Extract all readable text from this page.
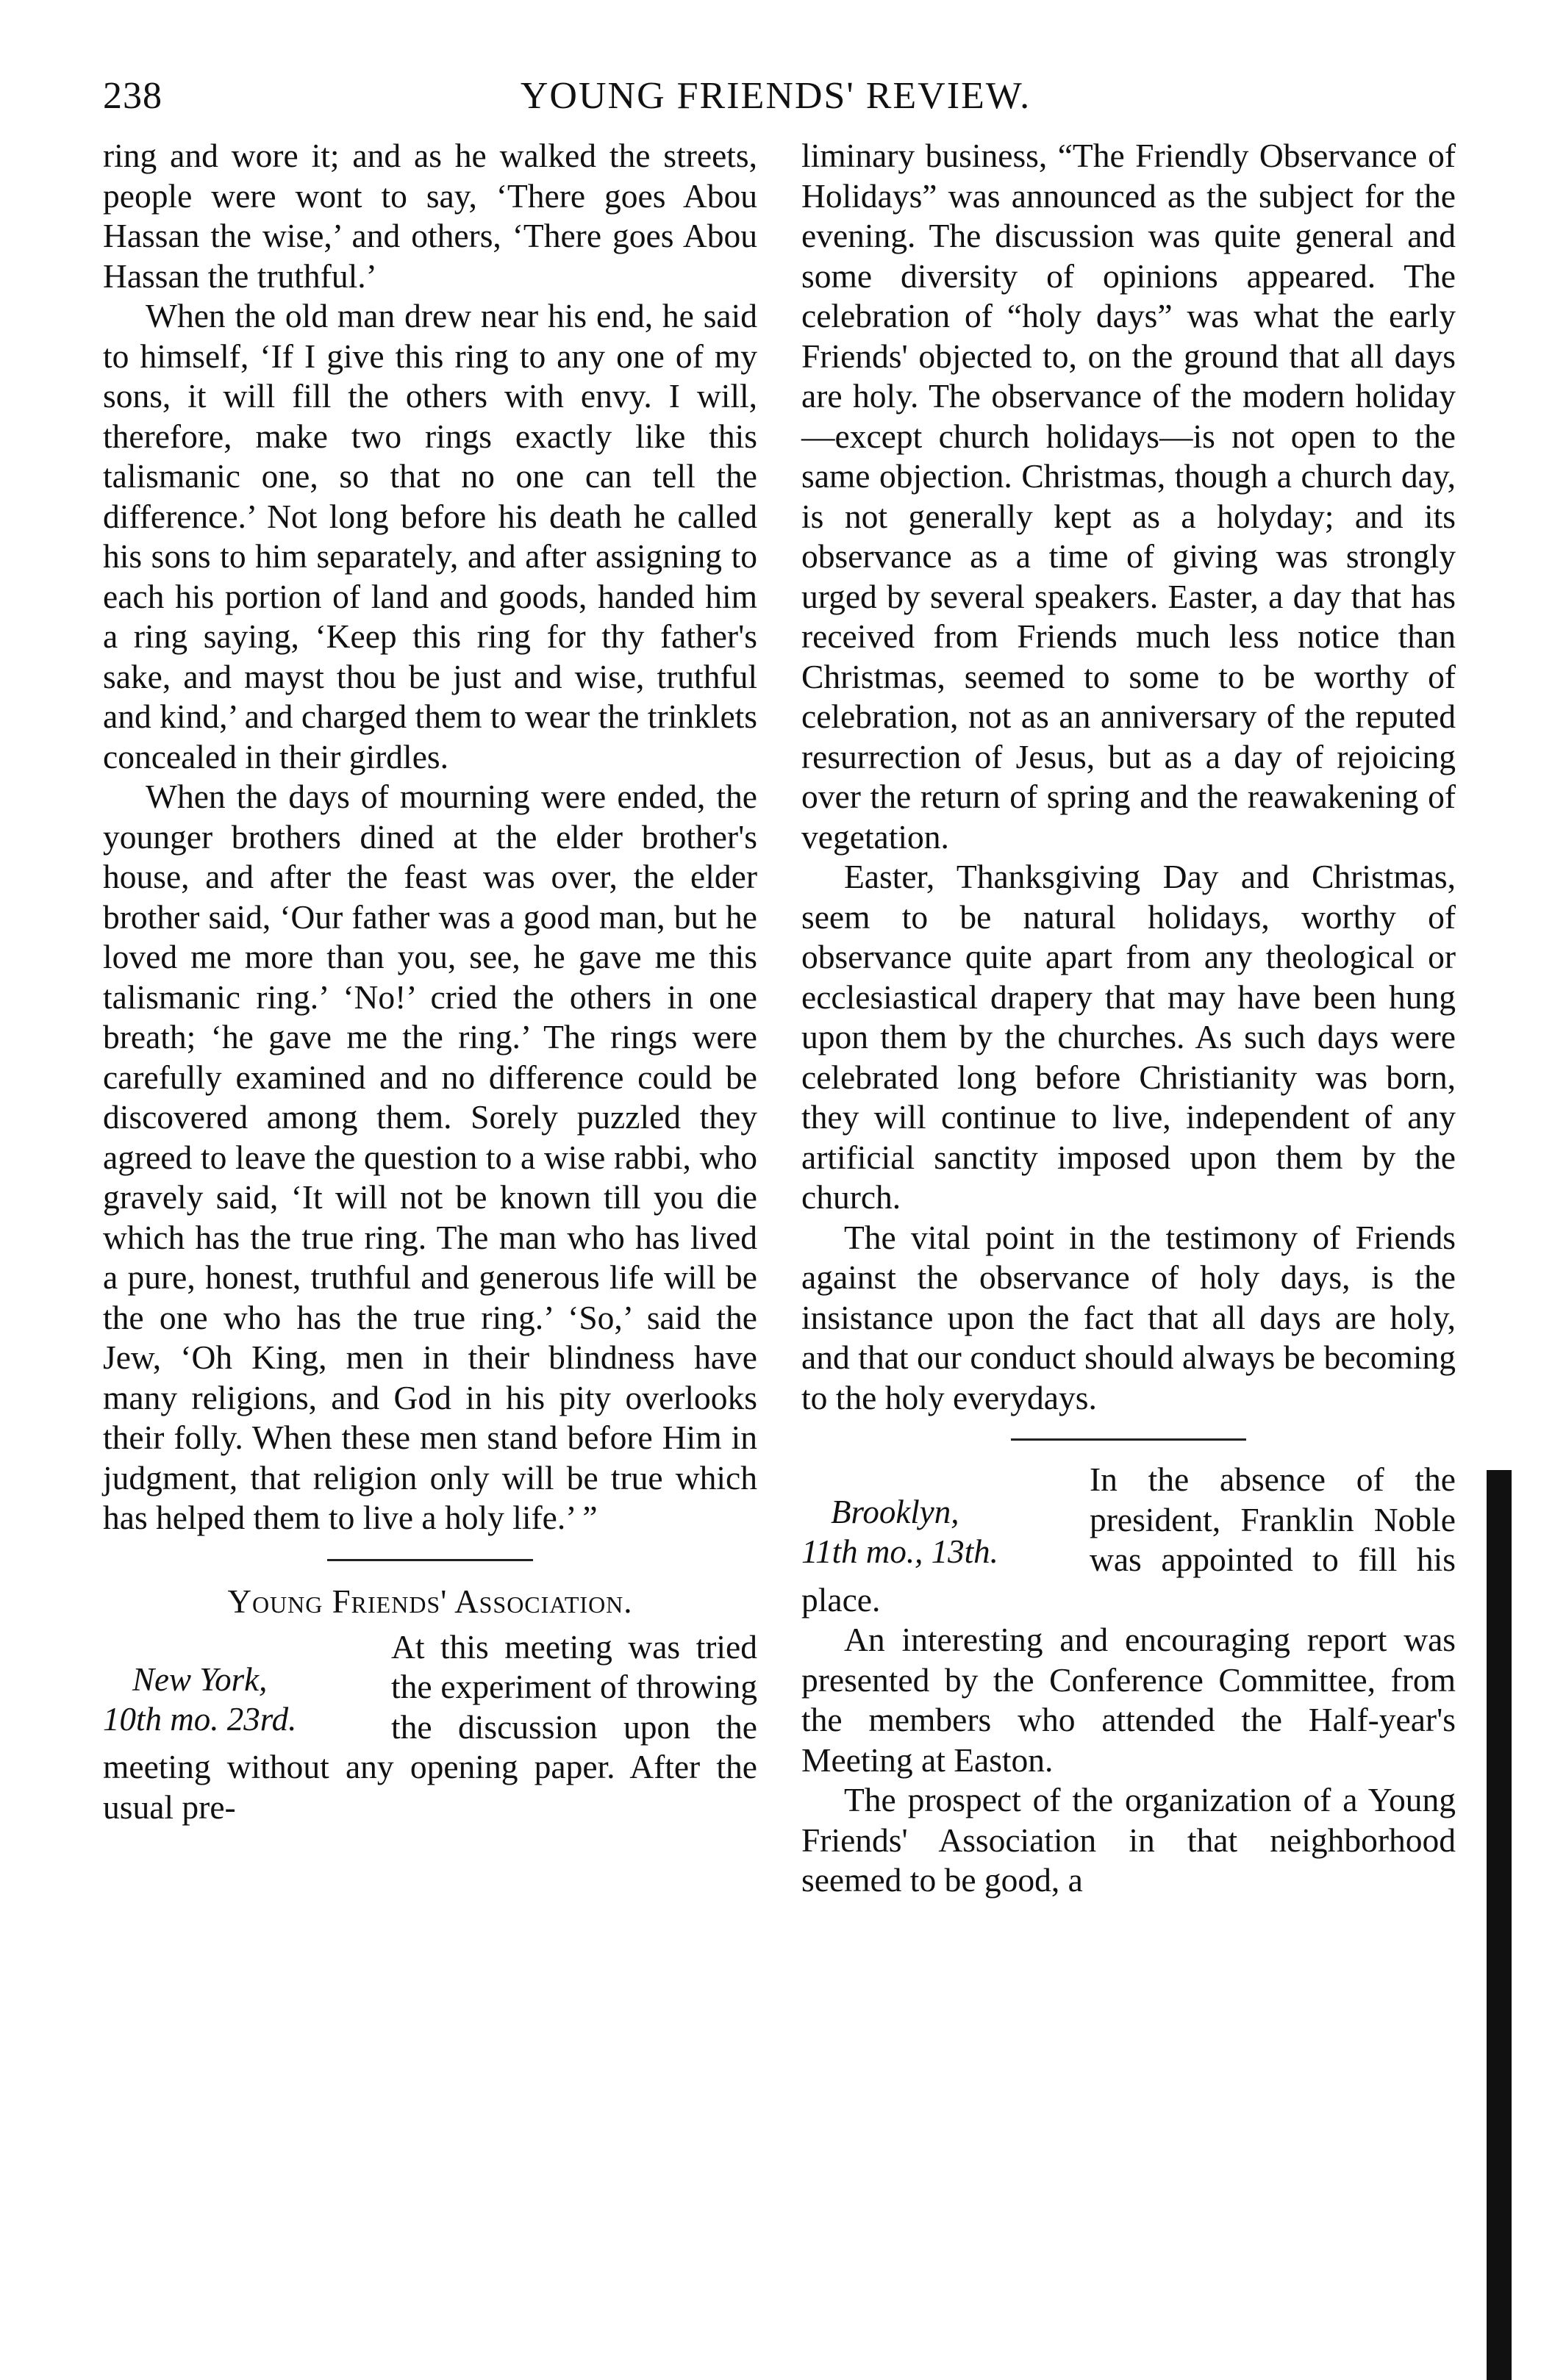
238	YOUNG FRIENDS' REVIEW.

ring and wore it; and as he walked the streets, people were wont to say, ‘There goes Abou Hassan the wise,’ and others, ‘There goes Abou Hassan the truthful.’

When the old man drew near his end, he said to himself, ‘If I give this ring to any one of my sons, it will fill the others with envy. I will, therefore, make two rings exactly like this talismanic one, so that no one can tell the difference.’ Not long before his death he called his sons to him separately, and after assigning to each his portion of land and goods, handed him a ring saying, ‘Keep this ring for thy father's sake, and mayst thou be just and wise, truthful and kind,’ and charged them to wear the trinklets concealed in their girdles.

When the days of mourning were ended, the younger brothers dined at the elder brother's house, and after the feast was over, the elder brother said, ‘Our father was a good man, but he loved me more than you, see, he gave me this talismanic ring.’ ‘No!’ cried the others in one breath; ‘he gave me the ring.’ The rings were carefully examined and no difference could be discovered among them. Sorely puzzled they agreed to leave the question to a wise rabbi, who gravely said, ‘It will not be known till you die which has the true ring. The man who has lived a pure, honest, truthful and generous life will be the one who has the true ring.’ ‘So,’ said the Jew, ‘Oh King, men in their blindness have many religions, and God in his pity overlooks their folly. When these men stand before Him in judgment, that religion only will be true which has helped them to live a holy life.’ ”

Young Friends' Association.
New York,
10th mo. 23rd.

At this meeting was tried the experiment of throwing the discussion upon the meeting without any opening paper. After the usual pre-

liminary business, “The Friendly Observance of Holidays” was announced as the subject for the evening. The discussion was quite general and some diversity of opinions appeared. The celebration of “holy days” was what the early Friends' objected to, on the ground that all days are holy. The observance of the modern holiday —except church holidays—is not open to the same objection. Christmas, though a church day, is not generally kept as a holyday; and its observance as a time of giving was strongly urged by several speakers. Easter, a day that has received from Friends much less notice than Christmas, seemed to some to be worthy of celebration, not as an anniversary of the reputed resurrection of Jesus, but as a day of rejoicing over the return of spring and the reawakening of vegetation.

Easter, Thanksgiving Day and Christmas, seem to be natural holidays, worthy of observance quite apart from any theological or ecclesiastical drapery that may have been hung upon them by the churches. As such days were celebrated long before Christianity was born, they will continue to live, independent of any artificial sanctity imposed upon them by the church.

The vital point in the testimony of Friends against the observance of holy days, is the insistance upon the fact that all days are holy, and that our conduct should always be becoming to the holy everydays.

Brooklyn,
11th mo., 13th.

In the absence of the president, Franklin Noble was appointed to fill his place.

An interesting and encouraging report was presented by the Conference Committee, from the members who attended the Half-year's Meeting at Easton.

The prospect of the organization of a Young Friends' Association in that neighborhood seemed to be good, a
